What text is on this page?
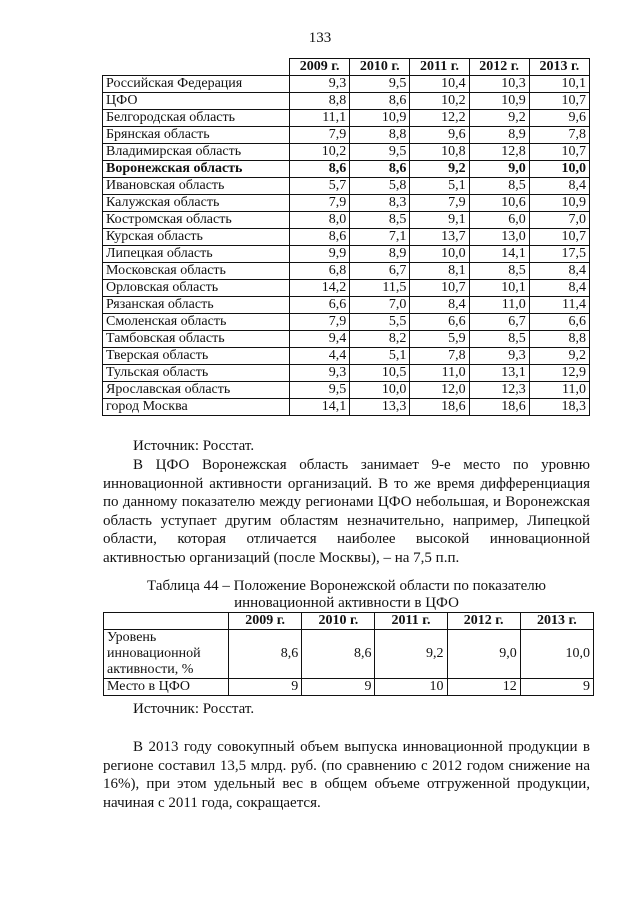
133
	2009 г.	2010 г.	2011 г.	2012 г.	2013 г.
Российская Федерация	9,3	9,5	10,4	10,3	10,1
ЦФО	8,8	8,6	10,2	10,9	10,7
Белгородская область	11,1	10,9	12,2	9,2	9,6
Брянская область	7,9	8,8	9,6	8,9	7,8
Владимирская область	10,2	9,5	10,8	12,8	10,7
Воронежская область	8,6	8,6	9,2	9,0	10,0
Ивановская область	5,7	5,8	5,1	8,5	8,4
Калужская область	7,9	8,3	7,9	10,6	10,9
Костромская область	8,0	8,5	9,1	6,0	7,0
Курская область	8,6	7,1	13,7	13,0	10,7
Липецкая область	9,9	8,9	10,0	14,1	17,5
Московская область	6,8	6,7	8,1	8,5	8,4
Орловская область	14,2	11,5	10,7	10,1	8,4
Рязанская область	6,6	7,0	8,4	11,0	11,4
Смоленская область	7,9	5,5	6,6	6,7	6,6
Тамбовская область	9,4	8,2	5,9	8,5	8,8
Тверская область	4,4	5,1	7,8	9,3	9,2
Тульская область	9,3	10,5	11,0	13,1	12,9
Ярославская область	9,5	10,0	12,0	12,3	11,0
город Москва	14,1	13,3	18,6	18,6	18,3
Источник: Росстат.

В ЦФО Воронежская область занимает 9-е место по уровню инновационной активности организаций. В то же время дифференциация по данному показателю между регионами ЦФО небольшая, и Воронежская область уступает другим областям незначительно, например, Липецкой области, которая отличается наиболее высокой инновационной активностью организаций (после Москвы), – на 7,5 п.п.

Таблица 44 – Положение Воронежской области по показателю
инновационной активности в ЦФО
	2009 г.	2010 г.	2011 г.	2012 г.	2013 г.
Уровень инновационной активности, %	8,6	8,6	9,2	9,0	10,0
Место в ЦФО	9	9	10	12	9
Источник: Росстат.

В 2013 году совокупный объем выпуска инновационной продукции в регионе составил 13,5 млрд. руб. (по сравнению с 2012 годом снижение на 16%), при этом удельный вес в общем объеме отгруженной продукции, начиная с 2011 года, сокращается.
